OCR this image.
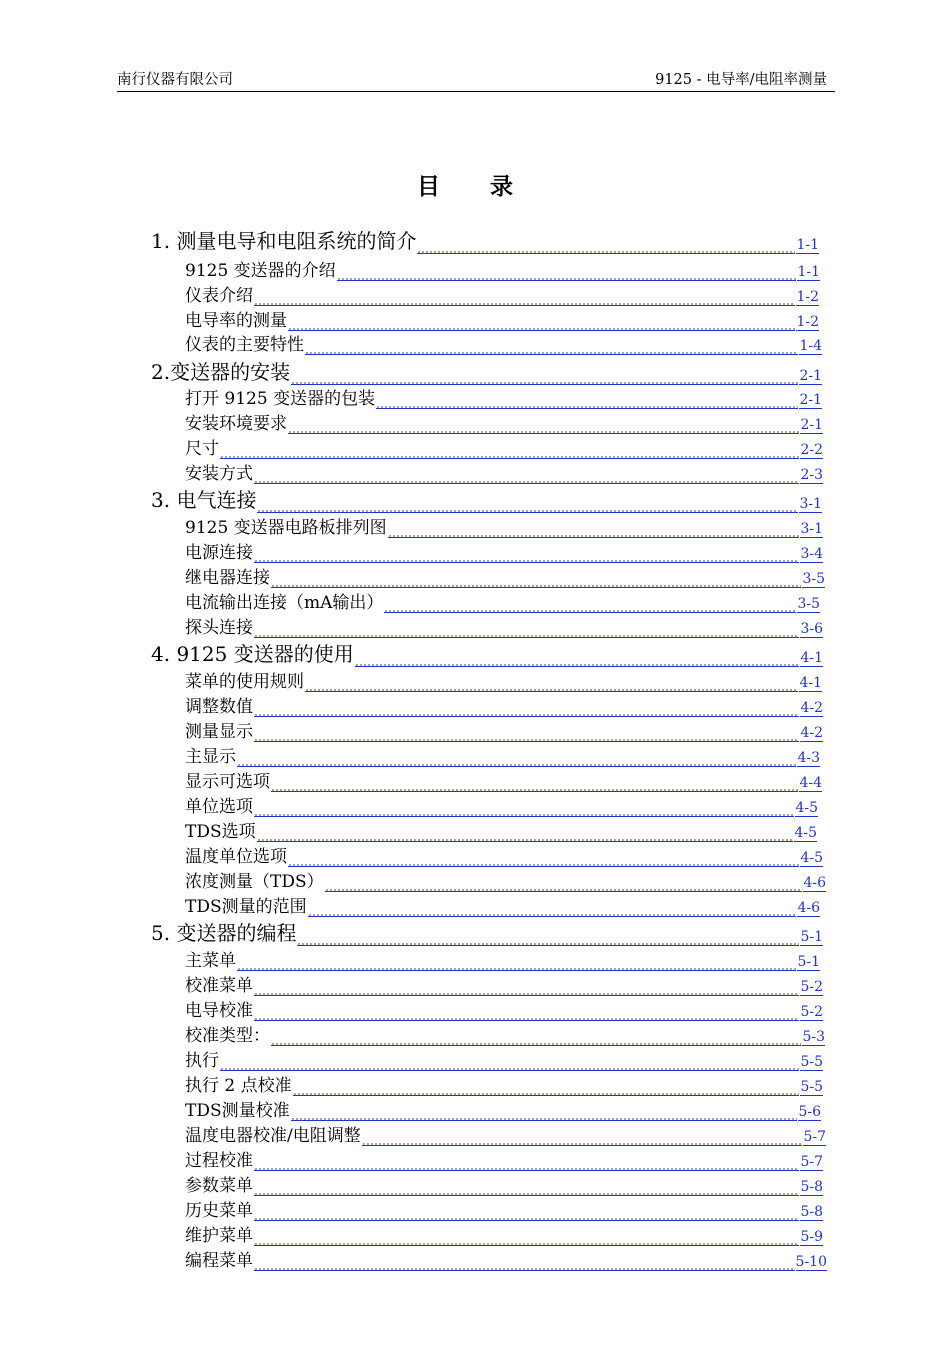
南行仪器有限公司	9125 - 电导率/电阻率测量
目录
1. 测量电导和电阻系统的简介	1-1
9125 变送器的介绍	1-1
仪表介绍	1-2
电导率的测量	1-2
仪表的主要特性	1-4
2.变送器的安装	2-1
打开 9125 变送器的包装	2-1
安装环境要求	2-1
尺寸	2-2
安装方式	2-3
3. 电气连接	3-1
9125 变送器电路板排列图	3-1
电源连接	3-4
继电器连接	3-5
电流输出连接（mA输出）	3-5
探头连接	3-6
4. 9125 变送器的使用	4-1
菜单的使用规则	4-1
调整数值	4-2
测量显示	4-2
主显示	4-3
显示可选项	4-4
单位选项	4-5
TDS选项	4-5
温度单位选项	4-5
浓度测量（TDS）	4-6
TDS测量的范围	4-6
5. 变送器的编程	5-1
主菜单	5-1
校准菜单	5-2
电导校准	5-2
校准类型：	5-3
执行	5-5
执行 2 点校准	5-5
TDS测量校准	5-6
温度电器校准/电阻调整	5-7
过程校准	5-7
参数菜单	5-8
历史菜单	5-8
维护菜单	5-9
编程菜单	5-10
